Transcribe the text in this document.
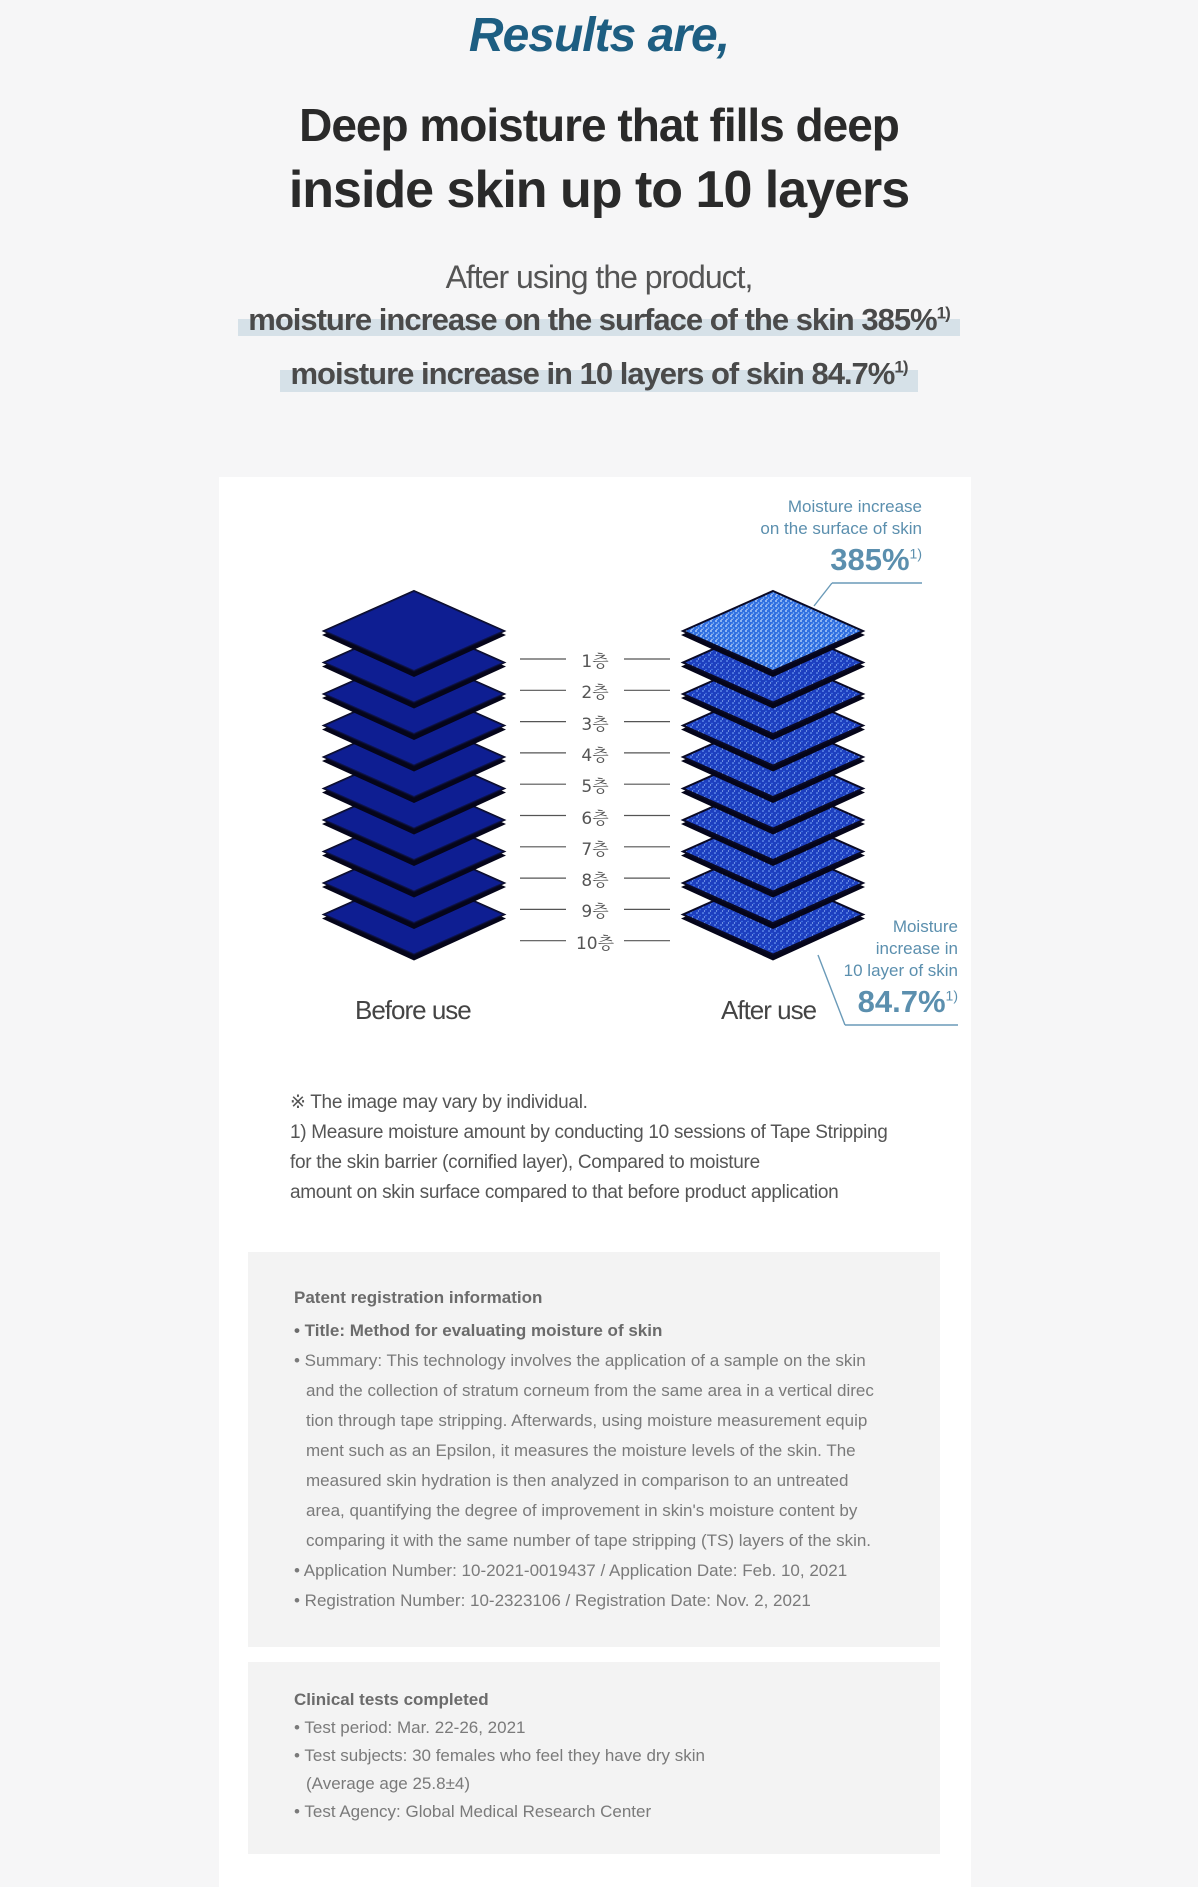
Results are,
Deep moisture that fills deep
inside skin up to 10 layers
After using the product,
moisture increase on the surface of the skin 385%$^{1)}$
moisture increase in 10 layers of skin 84.7%$^{1)}$
Moisture increase
on the surface of skin
385%$^{1)}$
Moisture
increase in
10 layer of skin
84.7%$^{1)}$
1층
2층
3층
4층
5층
6층
7층
8층
9층
10층
Before use	After use
※ The image may vary by individual.
1) Measure moisture amount by conducting 10 sessions of Tape Stripping
for the skin barrier (cornified layer), Compared to moisture
amount on skin surface compared to that before product application
Patent registration information
• Title: Method for evaluating moisture of skin
• Summary: This technology involves the application of a sample on the skin
and the collection of stratum corneum from the same area in a vertical direc
tion through tape stripping. Afterwards, using moisture measurement equip
ment such as an Epsilon, it measures the moisture levels of the skin. The
measured skin hydration is then analyzed in comparison to an untreated
area, quantifying the degree of improvement in skin's moisture content by
comparing it with the same number of tape stripping (TS) layers of the skin.
• Application Number: 10-2021-0019437 / Application Date: Feb. 10, 2021
• Registration Number: 10-2323106 / Registration Date: Nov. 2, 2021
Clinical tests completed
• Test period: Mar. 22-26, 2021
• Test subjects: 30 females who feel they have dry skin
(Average age 25.8±4)
• Test Agency: Global Medical Research Center
